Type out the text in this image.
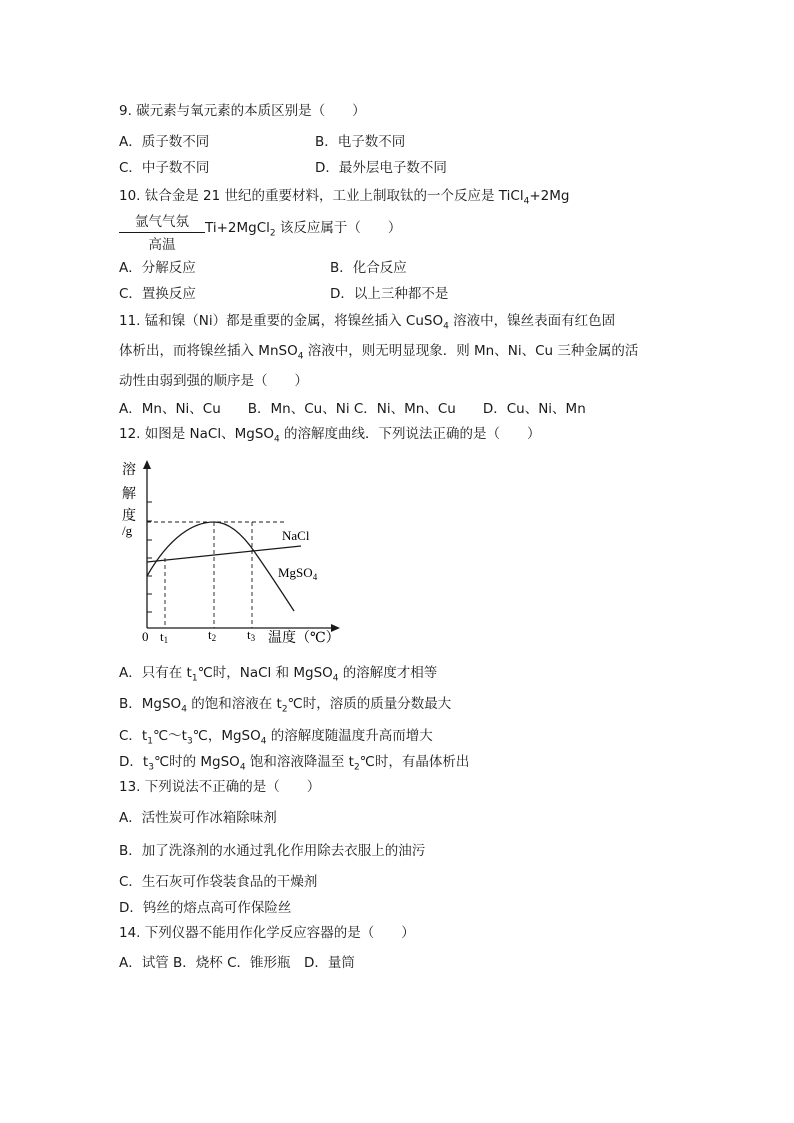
9. 碳元素与氧元素的本质区别是（　　）
A．质子数不同	B．电子数不同
C．中子数不同	D．最外层电子数不同
10. 钛合金是 21 世纪的重要材料，工业上制取钛的一个反应是 TiCl$_4$+2Mg
氩气气氛
高温
Ti+2MgCl$_2$ 该反应属于（　　）
A．分解反应	B．化合反应
C．置换反应	D．以上三种都不是
11. 锰和镍（Ni）都是重要的金属，将镍丝插入 CuSO$_4$ 溶液中，镍丝表面有红色固
体析出，而将镍丝插入 MnSO$_4$ 溶液中，则无明显现象．则 Mn、Ni、Cu 三种金属的活
动性由弱到强的顺序是（　　）
A．Mn、Ni、Cu　　B．Mn、Cu、Ni C．Ni、Mn、Cu　　D．Cu、Ni、Mn
12. 如图是 NaCl、MgSO$_4$ 的溶解度曲线．下列说法正确的是（　　）
溶
解
度
/g	NaCl
MgSO$_4$
0 t1	t2 t3 温度（℃）
A．只有在 $t_1℃$时，NaCl 和 MgSO$_4$ 的溶解度才相等
B．MgSO$_4$ 的饱和溶液在 $t_2℃$时，溶质的质量分数最大
C．$t_1℃\sim t_3℃$，MgSO$_4$ 的溶解度随温度升高而增大
D．$t_3℃$时的 MgSO$_4$ 饱和溶液降温至 $t_2℃$时，有晶体析出
13. 下列说法不正确的是（　　）
A．活性炭可作冰箱除味剂
B．加了洗涤剂的水通过乳化作用除去衣服上的油污
C．生石灰可作袋装食品的干燥剂
D．钨丝的熔点高可作保险丝
14. 下列仪器不能用作化学反应容器的是（　　）
A．试管 B．烧杯 C．锥形瓶　D．量筒
